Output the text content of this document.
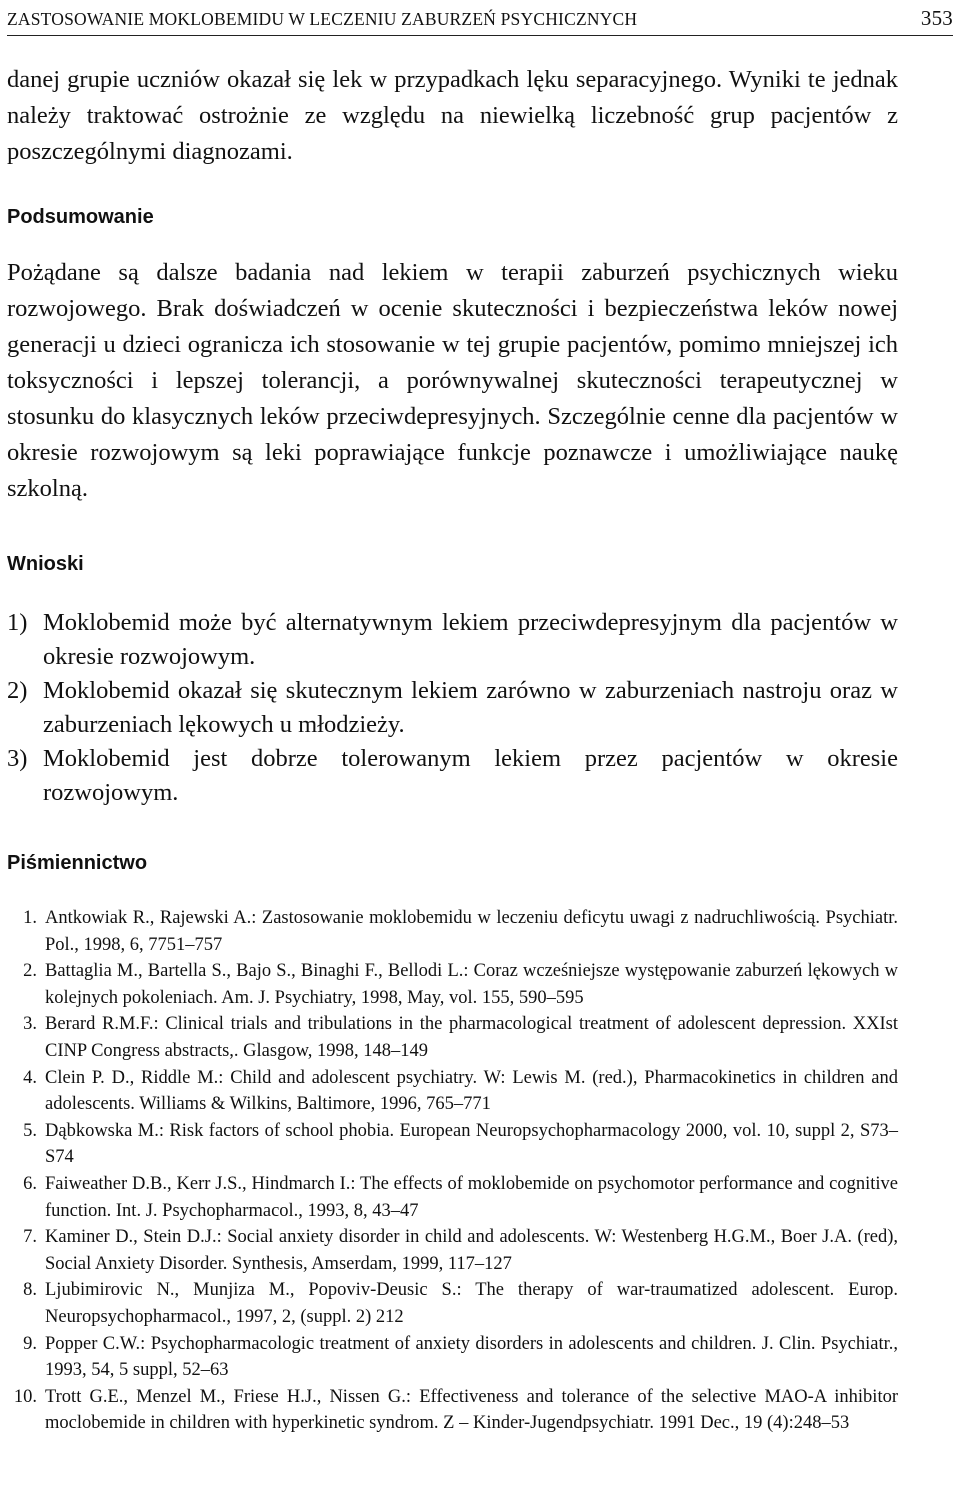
ZASTOSOWANIE MOKLOBEMIDU W LECZENIU ZABURZEŃ PSYCHICZNYCH	353

danej grupie uczniów okazał się lek w przypadkach lęku separacyjnego. Wyniki te jednak należy traktować ostrożnie ze względu na niewielką liczebność grup pacjentów z poszczególnymi diagnozami.

Podsumowanie

Pożądane są dalsze badania nad lekiem w terapii zaburzeń psychicznych wieku rozwojowego. Brak doświadczeń w ocenie skuteczności i bezpieczeństwa leków nowej generacji u dzieci ogranicza ich stosowanie w tej grupie pacjentów, pomimo mniejszej ich toksyczności i lepszej tolerancji, a porównywalnej skuteczności terapeutycznej w stosunku do klasycznych leków przeciwdepresyjnych. Szczególnie cenne dla pacjentów w okresie rozwojowym są leki poprawiające funkcje poznawcze i umożliwiające naukę szkolną.

Wnioski
1) Moklobemid może być alternatywnym lekiem przeciwdepresyjnym dla pacjentów w okresie rozwojowym.
2) Moklobemid okazał się skutecznym lekiem zarówno w zaburzeniach nastroju oraz w zaburzeniach lękowych u młodzieży.
3) Moklobemid jest dobrze tolerowanym lekiem przez pacjentów w okresie rozwojowym.
Piśmiennictwo
1. Antkowiak R., Rajewski A.: Zastosowanie moklobemidu w leczeniu deficytu uwagi z nadruchliwością. Psychiatr. Pol., 1998, 6, 7751–757
2. Battaglia M., Bartella S., Bajo S., Binaghi F., Bellodi L.: Coraz wcześniejsze występowanie zaburzeń lękowych w kolejnych pokoleniach. Am. J. Psychiatry, 1998, May, vol. 155, 590–595
3. Berard R.M.F.: Clinical trials and tribulations in the pharmacological treatment of adolescent depression. XXIst CINP Congress abstracts,. Glasgow, 1998, 148–149
4. Clein P. D., Riddle M.: Child and adolescent psychiatry. W: Lewis M. (red.), Pharmacokinetics in children and adolescents. Williams & Wilkins, Baltimore, 1996, 765–771
5. Dąbkowska M.: Risk factors of school phobia. European Neuropsychopharmacology 2000, vol. 10, suppl 2, S73–S74
6. Faiweather D.B., Kerr J.S., Hindmarch I.: The effects of moklobemide on psychomotor performance and cognitive function. Int. J. Psychopharmacol., 1993, 8, 43–47
7. Kaminer D., Stein D.J.: Social anxiety disorder in child and adolescents. W: Westenberg H.G.M., Boer J.A. (red), Social Anxiety Disorder. Synthesis, Amserdam, 1999, 117–127
8. Ljubimirovic N., Munjiza M., Popoviv-Deusic S.: The therapy of war-traumatized adolescent. Europ. Neuropsychopharmacol., 1997, 2, (suppl. 2) 212
9. Popper C.W.: Psychopharmacologic treatment of anxiety disorders in adolescents and children. J. Clin. Psychiatr., 1993, 54, 5 suppl, 52–63
10. Trott G.E., Menzel M., Friese H.J., Nissen G.: Effectiveness and tolerance of the selective MAO-A inhibitor moclobemide in children with hyperkinetic syndrom. Z – Kinder-Jugendpsychiatr. 1991 Dec., 19 (4):248–53
